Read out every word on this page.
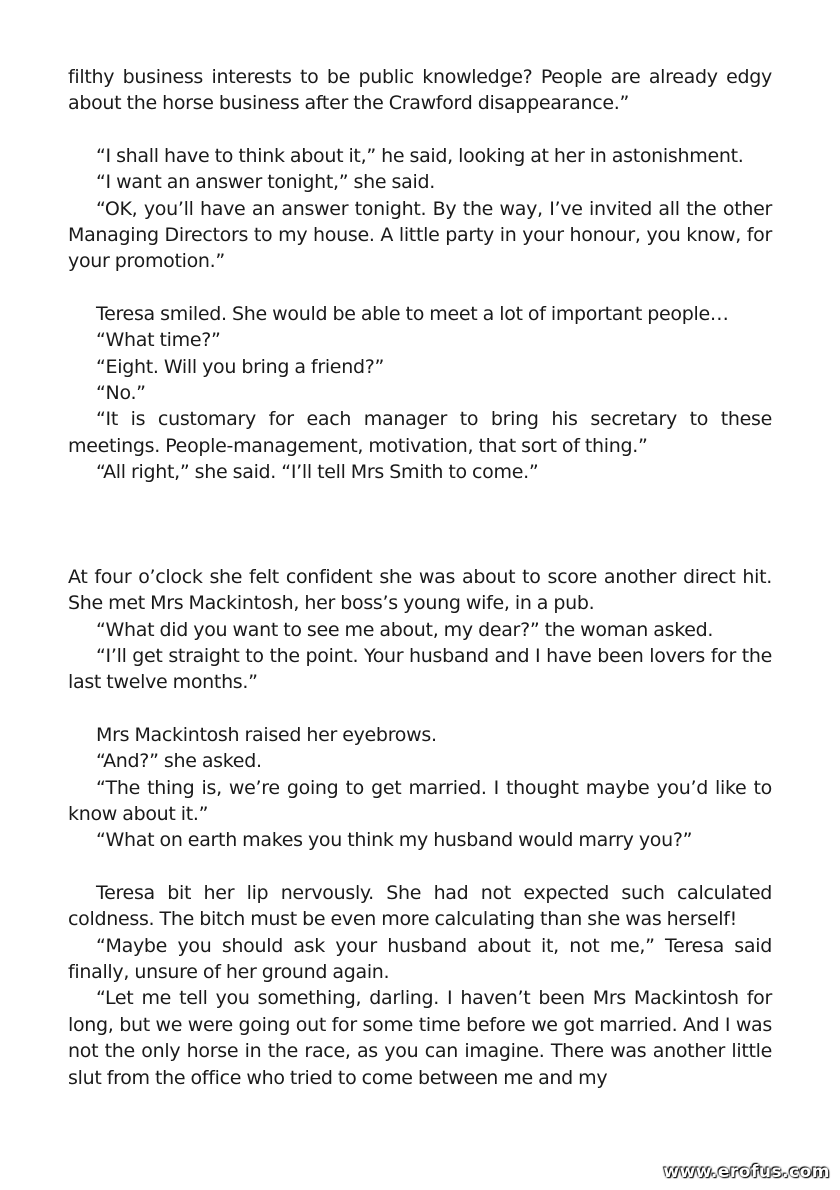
filthy business interests to be public knowledge? People are already edgy about the horse business after the Crawford disappearance.”

“I shall have to think about it,” he said, looking at her in astonishment.

“I want an answer tonight,” she said.

“OK, you’ll have an answer tonight. By the way, I’ve invited all the other Managing Directors to my house. A little party in your honour, you know, for your promotion.”

Teresa smiled. She would be able to meet a lot of important people…

“What time?”

“Eight. Will you bring a friend?”

“No.”

“It is customary for each manager to bring his secretary to these meetings. People-management, motivation, that sort of thing.”

“All right,” she said. “I’ll tell Mrs Smith to come.”

At four o’clock she felt confident she was about to score another direct hit. She met Mrs Mackintosh, her boss’s young wife, in a pub.

“What did you want to see me about, my dear?” the woman asked.

“I’ll get straight to the point. Your husband and I have been lovers for the last twelve months.”

Mrs Mackintosh raised her eyebrows.

“And?” she asked.

“The thing is, we’re going to get married. I thought maybe you’d like to know about it.”

“What on earth makes you think my husband would marry you?”

Teresa bit her lip nervously. She had not expected such calculated coldness. The bitch must be even more calculating than she was herself!

“Maybe you should ask your husband about it, not me,” Teresa said finally, unsure of her ground again.

“Let me tell you something, darling. I haven’t been Mrs Mackintosh for long, but we were going out for some time before we got married. And I was not the only horse in the race, as you can imagine. There was another little slut from the office who tried to come between me and my

www.erofus.com
